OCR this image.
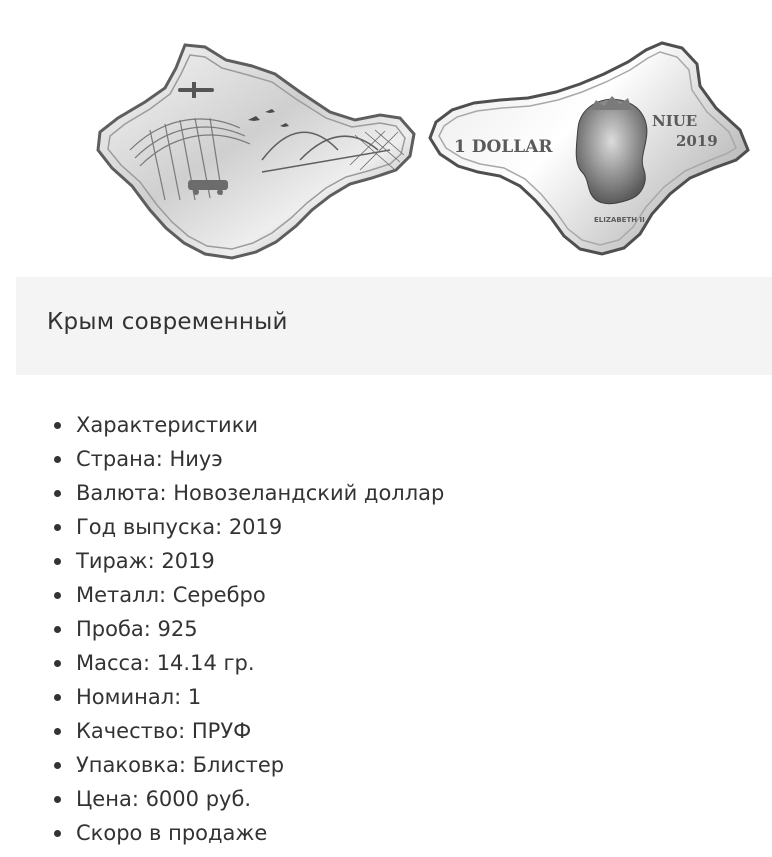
1 DOLLAR
NIUE
2019
ELIZABETH II
Крым современный
Характеристики
Страна: Ниуэ
Валюта: Новозеландский доллар
Год выпуска: 2019
Тираж: 2019
Металл: Серебро
Проба: 925
Масса: 14.14 гр.
Номинал: 1
Качество: ПРУФ
Упаковка: Блистер
Цена: 6000 руб.
Скоро в продаже
